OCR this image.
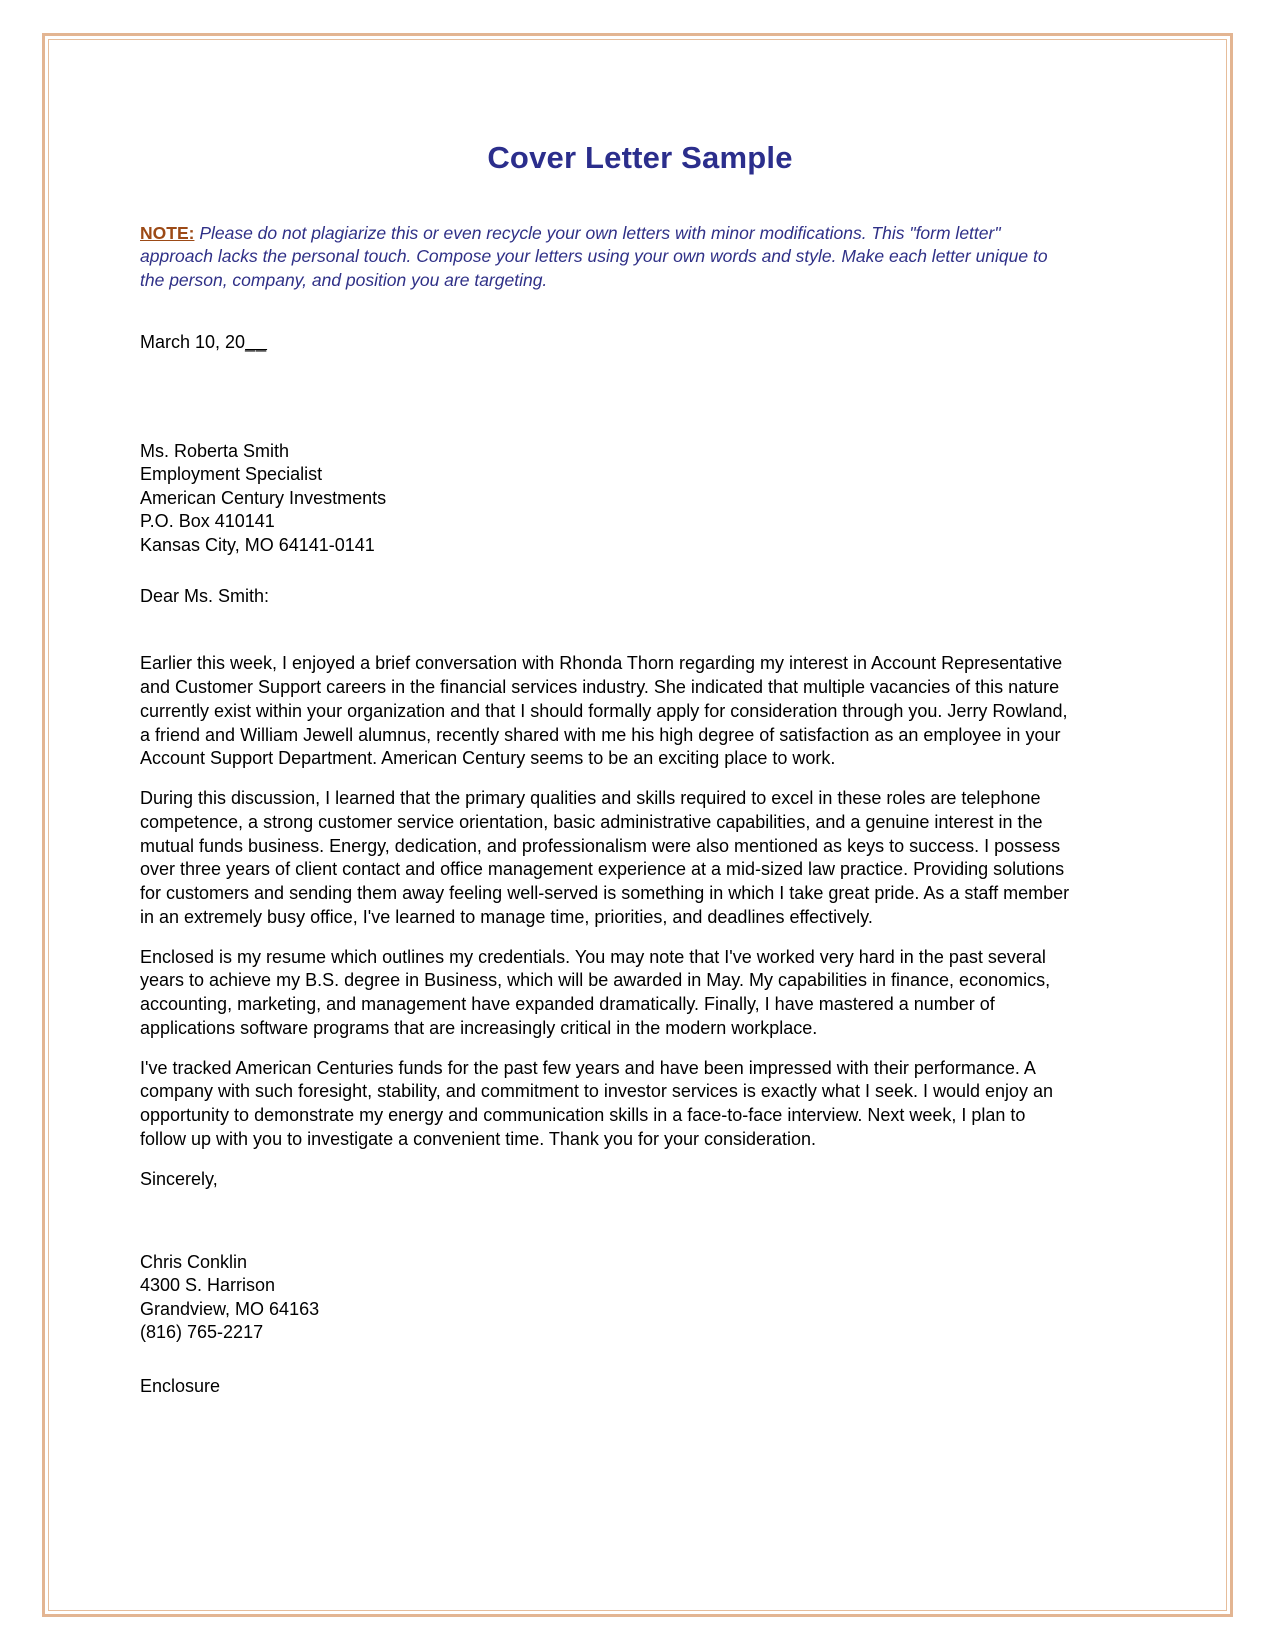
Cover Letter Sample

NOTE: Please do not plagiarize this or even recycle your own letters with minor modifications. This "form letter" approach lacks the personal touch. Compose your letters using your own words and style. Make each letter unique to the person, company, and position you are targeting.

March 10, 20__

Ms. Roberta Smith
Employment Specialist
American Century Investments
P.O. Box 410141
Kansas City, MO 64141-0141

Dear Ms. Smith:

Earlier this week, I enjoyed a brief conversation with Rhonda Thorn regarding my interest in Account Representative and Customer Support careers in the financial services industry. She indicated that multiple vacancies of this nature currently exist within your organization and that I should formally apply for consideration through you. Jerry Rowland, a friend and William Jewell alumnus, recently shared with me his high degree of satisfaction as an employee in your Account Support Department. American Century seems to be an exciting place to work.

During this discussion, I learned that the primary qualities and skills required to excel in these roles are telephone competence, a strong customer service orientation, basic administrative capabilities, and a genuine interest in the mutual funds business. Energy, dedication, and professionalism were also mentioned as keys to success. I possess over three years of client contact and office management experience at a mid-sized law practice. Providing solutions for customers and sending them away feeling well-served is something in which I take great pride. As a staff member in an extremely busy office, I've learned to manage time, priorities, and deadlines effectively.

Enclosed is my resume which outlines my credentials. You may note that I've worked very hard in the past several years to achieve my B.S. degree in Business, which will be awarded in May. My capabilities in finance, economics, accounting, marketing, and management have expanded dramatically. Finally, I have mastered a number of applications software programs that are increasingly critical in the modern workplace.

I've tracked American Centuries funds for the past few years and have been impressed with their performance. A company with such foresight, stability, and commitment to investor services is exactly what I seek. I would enjoy an opportunity to demonstrate my energy and communication skills in a face-to-face interview. Next week, I plan to follow up with you to investigate a convenient time. Thank you for your consideration.

Sincerely,

Chris Conklin
4300 S. Harrison
Grandview, MO 64163
(816) 765-2217

Enclosure
